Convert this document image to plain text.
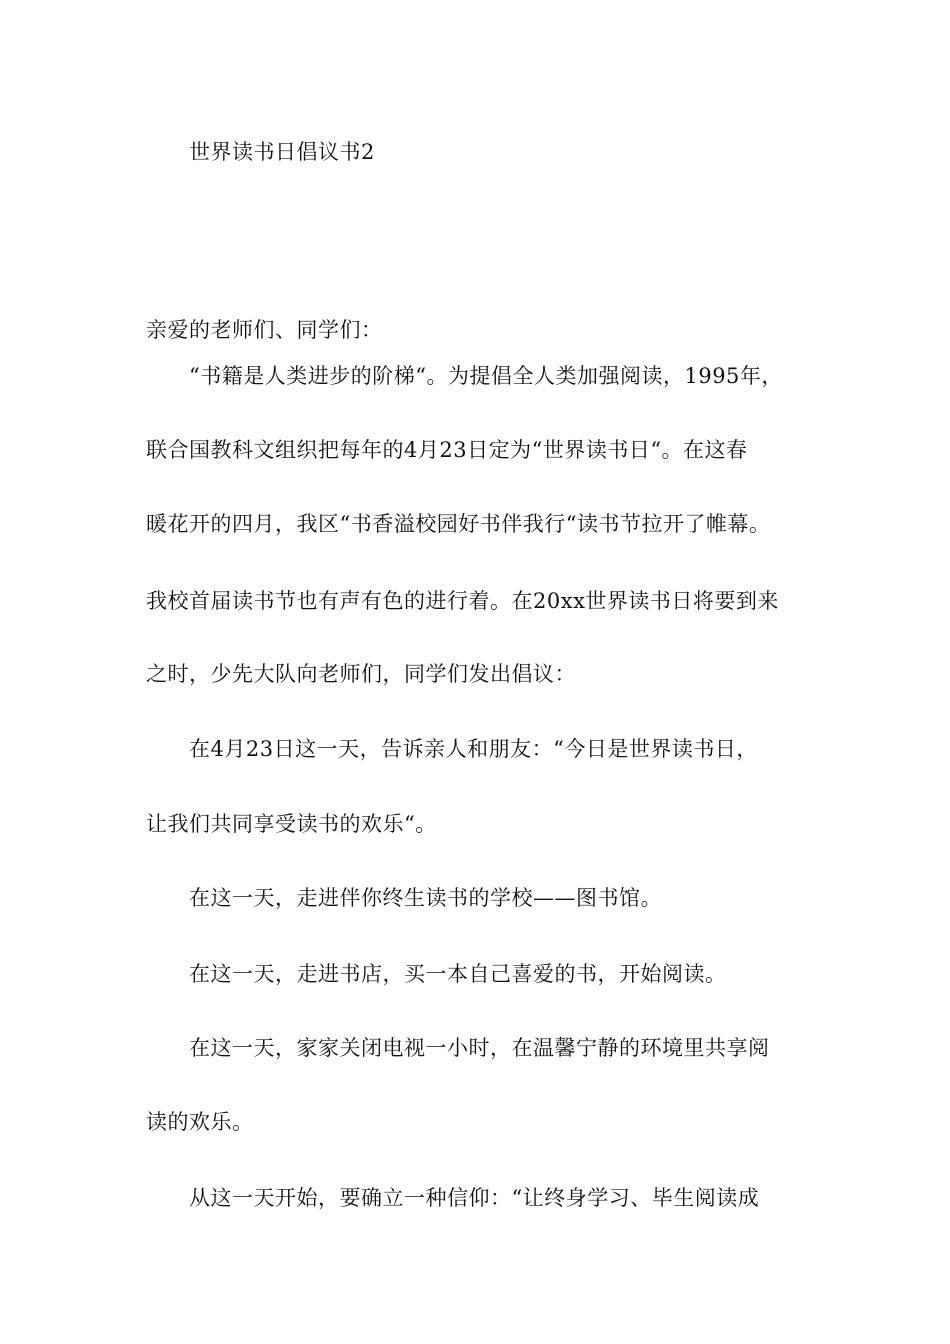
世界读书日倡议书2
亲爱的老师们、同学们：
“书籍是人类进步的阶梯“。为提倡全人类加强阅读，1995年，
联合国教科文组织把每年的4月23日定为“世界读书日“。在这春
暖花开的四月，我区“书香溢校园好书伴我行“读书节拉开了帷幕。
我校首届读书节也有声有色的进行着。在20xx世界读书日将要到来
之时，少先大队向老师们，同学们发出倡议：
在4月23日这一天，告诉亲人和朋友：“今日是世界读书日，
让我们共同享受读书的欢乐“。
在这一天，走进伴你终生读书的学校——图书馆。
在这一天，走进书店，买一本自己喜爱的书，开始阅读。
在这一天，家家关闭电视一小时，在温馨宁静的环境里共享阅
读的欢乐。
从这一天开始，要确立一种信仰：“让终身学习、毕生阅读成
